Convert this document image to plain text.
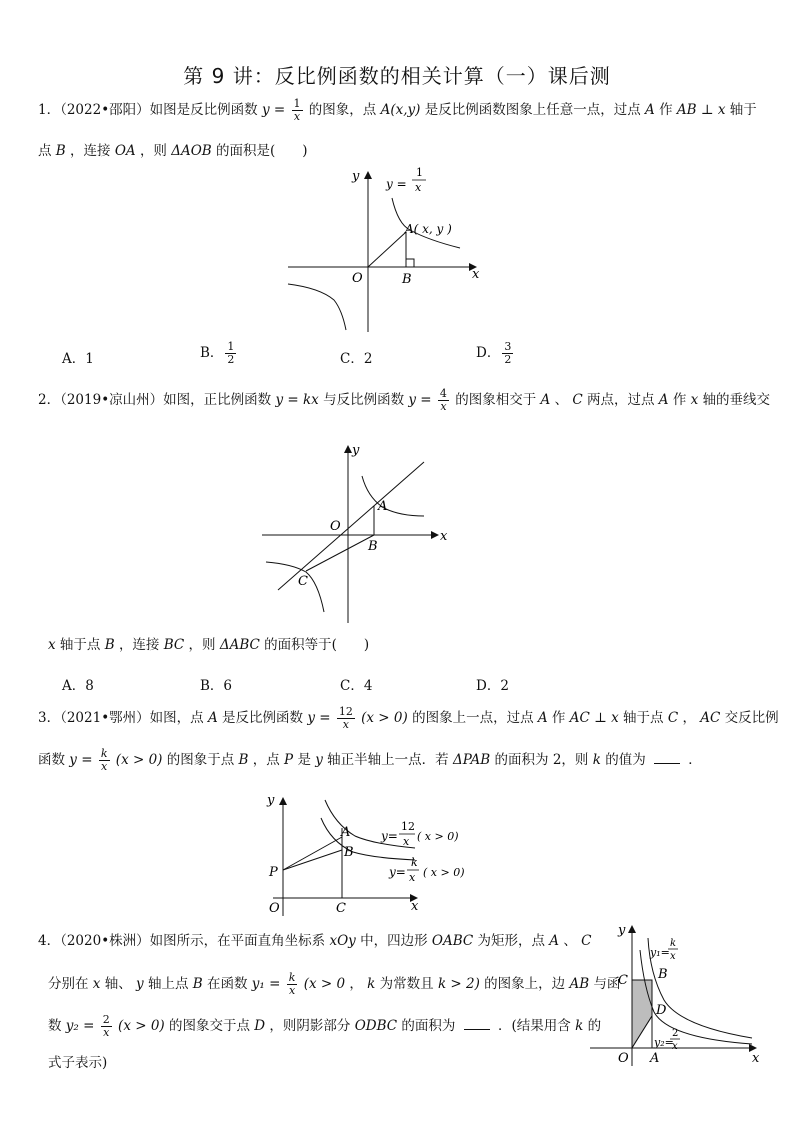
第 9 讲：反比例函数的相关计算（一）课后测
1．（2022•邵阳）如图是反比例函数 $y = \frac{1}{x}$ 的图象，点 A(x,y) 是反比例函数图象上任意一点，过点 A 作 AB ⊥ x 轴于
点 B ，连接 OA ，则 ΔAOB 的面积是(　　)
y
x
O	B
A( x, y )
y =
1
x
A．1	B． $\frac{1}{2}$	C．2	D． $\frac{3}{2}$
2．（2019•凉山州）如图，正比例函数 y = kx 与反比例函数 $y = \frac{4}{x}$ 的图象相交于 A 、 C 两点，过点 A 作 x 轴的垂线交
y
x
O
A
B
C
x 轴于点 B ，连接 BC ，则 ΔABC 的面积等于(　　)
A．8	B．6	C．4	D．2
3．（2021•鄂州）如图，点 A 是反比例函数 $y = \frac{12}{x} (x > 0)$ 的图象上一点，过点 A 作 AC ⊥ x 轴于点 C ， AC 交反比例
函数 $y = \frac{k}{x} (x > 0)$ 的图象于点 B ，点 P 是 y 轴正半轴上一点．若 ΔPAB 的面积为 2，则 k 的值为	．
y
x
O	C
A
B
P
y=
12
x ( x > 0)
y=
k
x ( x > 0)
4．（2020•株洲）如图所示，在平面直角坐标系 xOy 中，四边形 OABC 为矩形，点 A 、 C
分别在 x 轴、 y 轴上点 B 在函数 $y_1 = \frac{k}{x} (x > 0$ ， k 为常数且 k > 2) 的图象上，边 AB 与函
数 $y_2 = \frac{2}{x} (x > 0)$ 的图象交于点 D ，则阴影部分 ODBC 的面积为	．(结果用含 k 的
式子表示)
y
x
O A
B
C
D
y₁=
k
x
y₂=
2
x
